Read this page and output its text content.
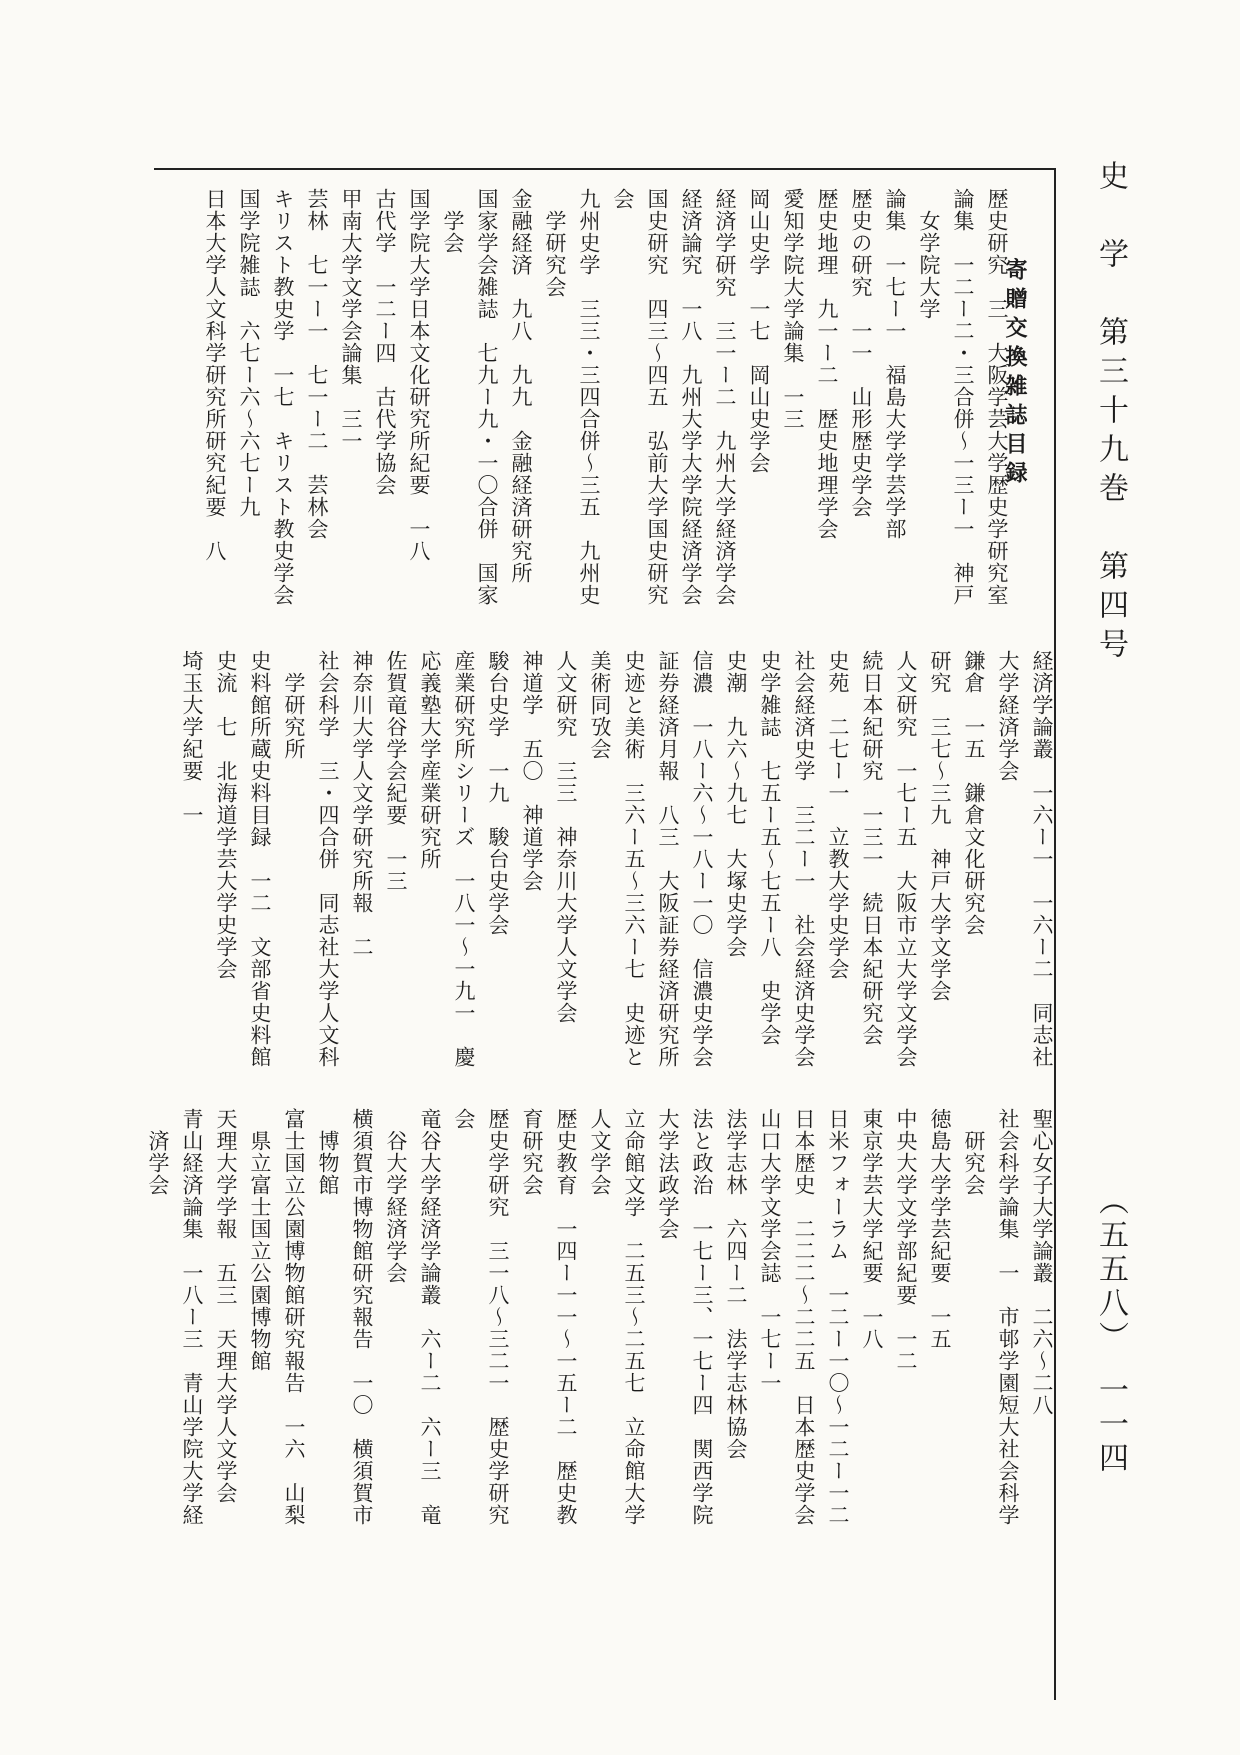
史　学　第三十九巻　第四号
（五五八）　一一四
寄贈交換雑誌目録
歴史研究　三　大阪学芸大学歴史学研究室
論集　一二ー二・三合併〜一三ー一　神戸
　女学院大学
論集　一七ー一　福島大学学芸学部
歴史の研究　一一　山形歴史学会
歴史地理　九一ー二　歴史地理学会
愛知学院大学論集　一三
岡山史学　一七　岡山史学会
経済学研究　三一ー二　九州大学経済学会
経済論究　一八　九州大学大学院経済学会
国史研究　四三〜四五　弘前大学国史研究
会
九州史学　三三・三四合併〜三五　九州史
　学研究会
金融経済　九八　九九　金融経済研究所
国家学会雑誌　七九ー九・一〇合併　国家
　学会
国学院大学日本文化研究所紀要　一八
古代学　一二ー四　古代学協会
甲南大学文学会論集　三一
芸林　七一ー一　七一ー二　芸林会
キリスト教史学　一七　キリスト教史学会
国学院雑誌　六七ー六〜六七ー九
日本大学人文科学研究所研究紀要　八
経済学論叢　一六ー一　一六ー二　同志社
大学経済学会
鎌倉　一五　鎌倉文化研究会
研究　三七〜三九　神戸大学文学会
人文研究　一七ー五　大阪市立大学文学会
続日本紀研究　一三一　続日本紀研究会
史苑　二七ー一　立教大学史学会
社会経済史学　三二ー一　社会経済史学会
史学雑誌　七五ー五〜七五ー八　史学会
史潮　九六〜九七　大塚史学会
信濃　一八ー六〜一八ー一〇　信濃史学会
証券経済月報　八三　大阪証券経済研究所
史迹と美術　三六ー五〜三六ー七　史迹と
美術同攷会
人文研究　三三　神奈川大学人文学会
神道学　五〇　神道学会
駿台史学　一九　駿台史学会
産業研究所シリーズ　一八一〜一九一　慶
応義塾大学産業研究所
佐賀竜谷学会紀要　一三
神奈川大学人文学研究所報　二
社会科学　三・四合併　同志社大学人文科
　学研究所
史料館所蔵史料目録　一二　文部省史料館
史流　七　北海道学芸大学史学会
埼玉大学紀要　一
聖心女子大学論叢　二六〜二八
社会科学論集　一　市邨学園短大社会科学
　研究会
徳島大学学芸紀要　一五
中央大学文学部紀要　一二
東京学芸大学紀要　一八
日米フォーラム　一二ー一〇〜一二ー一二
日本歴史　二二二〜二二五　日本歴史学会
山口大学文学会誌　一七ー一
法学志林　六四ー二　法学志林協会
法と政治　一七ー三、一七ー四　関西学院
大学法政学会
立命館文学　二五三〜二五七　立命館大学
人文学会
歴史教育　一四ー一一〜一五ー二　歴史教
育研究会
歴史学研究　三一八〜三二一　歴史学研究
会
竜谷大学経済学論叢　六ー二　六ー三　竜
　谷大学経済学会
横須賀市博物館研究報告　一〇　横須賀市
　博物館
富士国立公園博物館研究報告　一六　山梨
　県立富士国立公園博物館
天理大学学報　五三　天理大学人文学会
青山経済論集　一八ー三　青山学院大学経
　済学会
